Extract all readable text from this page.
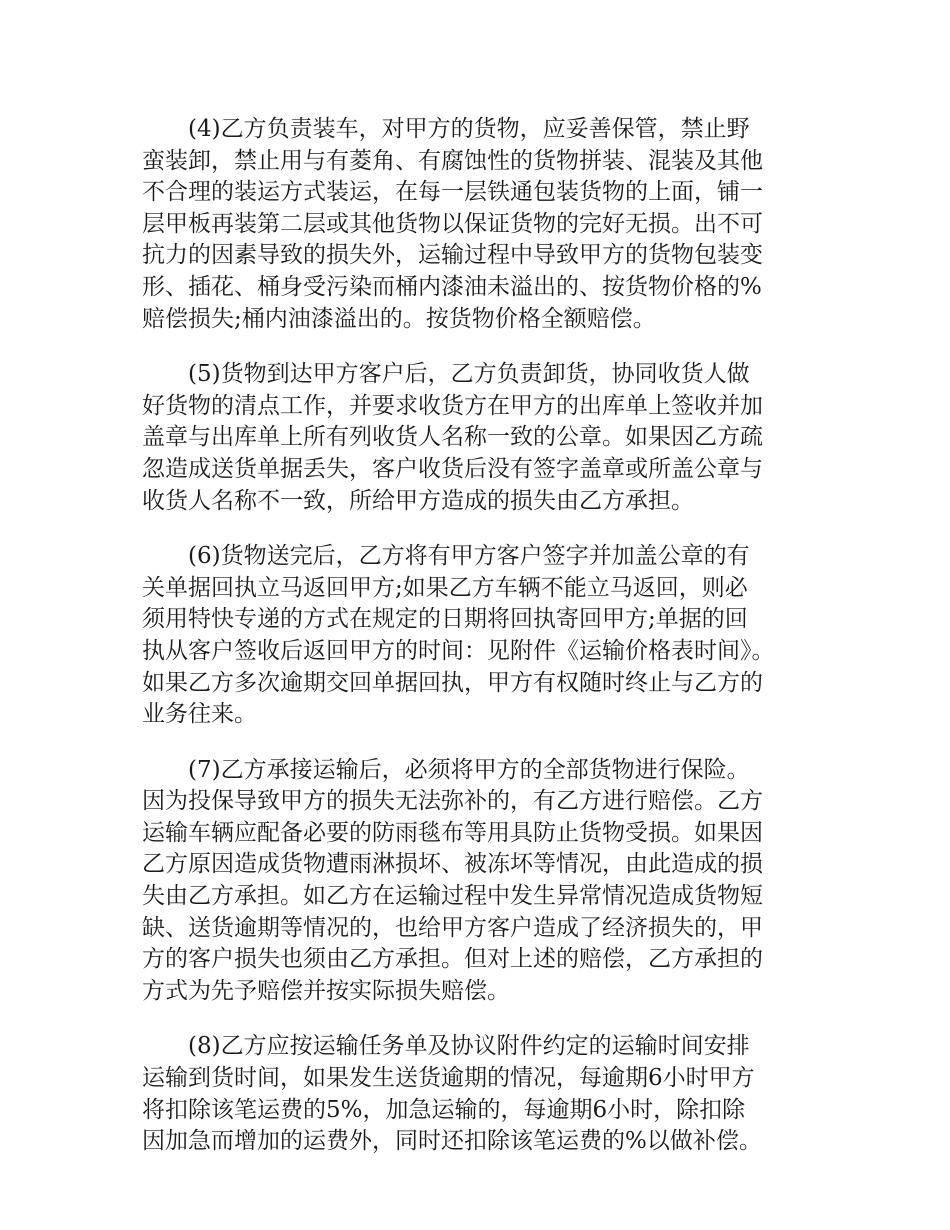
(4)乙方负责装车，对甲方的货物，应妥善保管，禁止野
蛮装卸，禁止用与有菱角、有腐蚀性的货物拼装、混装及其他
不合理的装运方式装运，在每一层铁通包装货物的上面，铺一
层甲板再装第二层或其他货物以保证货物的完好无损。出不可
抗力的因素导致的损失外，运输过程中导致甲方的货物包装变
形、插花、桶身受污染而桶内漆油未溢出的、按货物价格的%
赔偿损失;桶内油漆溢出的。按货物价格全额赔偿。
(5)货物到达甲方客户后，乙方负责卸货，协同收货人做
好货物的清点工作，并要求收货方在甲方的出库单上签收并加
盖章与出库单上所有列收货人名称一致的公章。如果因乙方疏
忽造成送货单据丢失，客户收货后没有签字盖章或所盖公章与
收货人名称不一致，所给甲方造成的损失由乙方承担。
(6)货物送完后，乙方将有甲方客户签字并加盖公章的有
关单据回执立马返回甲方;如果乙方车辆不能立马返回，则必
须用特快专递的方式在规定的日期将回执寄回甲方;单据的回
执从客户签收后返回甲方的时间：见附件《运输价格表时间》。
如果乙方多次逾期交回单据回执，甲方有权随时终止与乙方的
业务往来。
(7)乙方承接运输后，必须将甲方的全部货物进行保险。
因为投保导致甲方的损失无法弥补的，有乙方进行赔偿。乙方
运输车辆应配备必要的防雨毯布等用具防止货物受损。如果因
乙方原因造成货物遭雨淋损坏、被冻坏等情况，由此造成的损
失由乙方承担。如乙方在运输过程中发生异常情况造成货物短
缺、送货逾期等情况的，也给甲方客户造成了经济损失的，甲
方的客户损失也须由乙方承担。但对上述的赔偿，乙方承担的
方式为先予赔偿并按实际损失赔偿。
(8)乙方应按运输任务单及协议附件约定的运输时间安排
运输到货时间，如果发生送货逾期的情况，每逾期6小时甲方
将扣除该笔运费的5%，加急运输的，每逾期6小时，除扣除
因加急而增加的运费外，同时还扣除该笔运费的%以做补偿。
